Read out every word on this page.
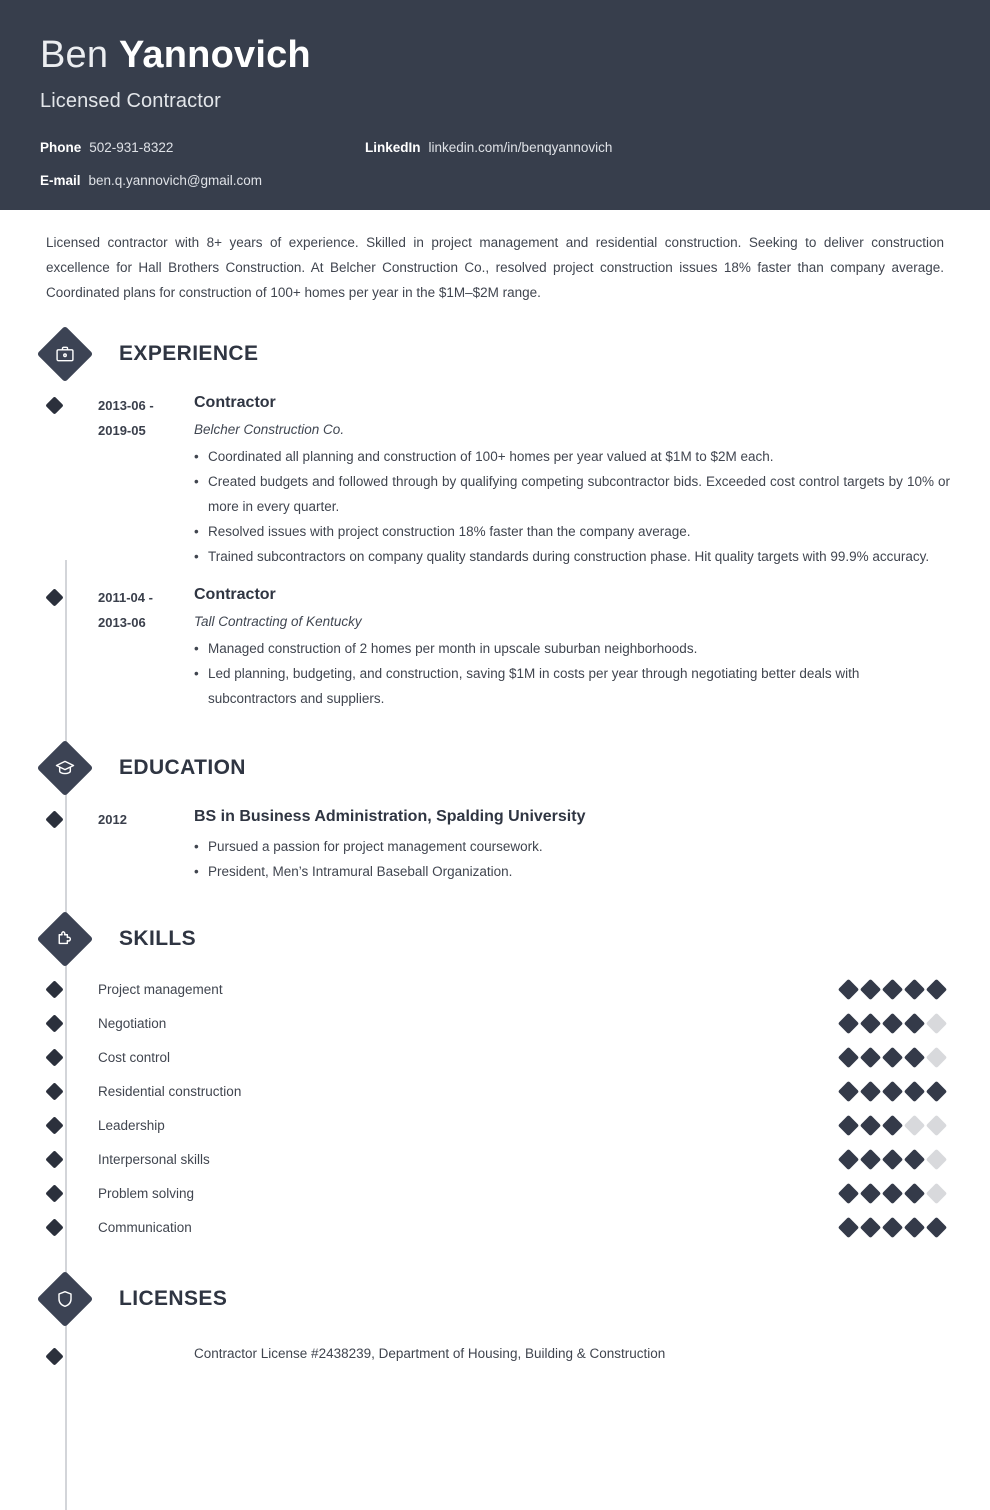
Ben Yannovich
Licensed Contractor
Phone 502-931-8322	LinkedIn linkedin.com/in/benqyannovich
E-mail ben.q.yannovich@gmail.com
Licensed contractor with 8+ years of experience. Skilled in project management and residential construction. Seeking to deliver construction excellence for Hall Brothers Construction. At Belcher Construction Co., resolved project construction issues 18% faster than company average. Coordinated plans for construction of 100+ homes per year in the $1M–$2M range.
EXPERIENCE
2013-06 -
2019-05
Contractor
Belcher Construction Co.
• Coordinated all planning and construction of 100+ homes per year valued at $1M to $2M each.
• Created budgets and followed through by qualifying competing subcontractor bids. Exceeded cost control targets by 10% or more in every quarter.
• Resolved issues with project construction 18% faster than the company average.
• Trained subcontractors on company quality standards during construction phase. Hit quality targets with 99.9% accuracy.
2011-04 -
2013-06
Contractor
Tall Contracting of Kentucky
• Managed construction of 2 homes per month in upscale suburban neighborhoods.
• Led planning, budgeting, and construction, saving $1M in costs per year through negotiating better deals with subcontractors and suppliers.
EDUCATION
2012	BS in Business Administration, Spalding University
• Pursued a passion for project management coursework.
• President, Men’s Intramural Baseball Organization.
SKILLS
Project management
Negotiation
Cost control
Residential construction
Leadership
Interpersonal skills
Problem solving
Communication
LICENSES
Contractor License #2438239, Department of Housing, Building & Construction
